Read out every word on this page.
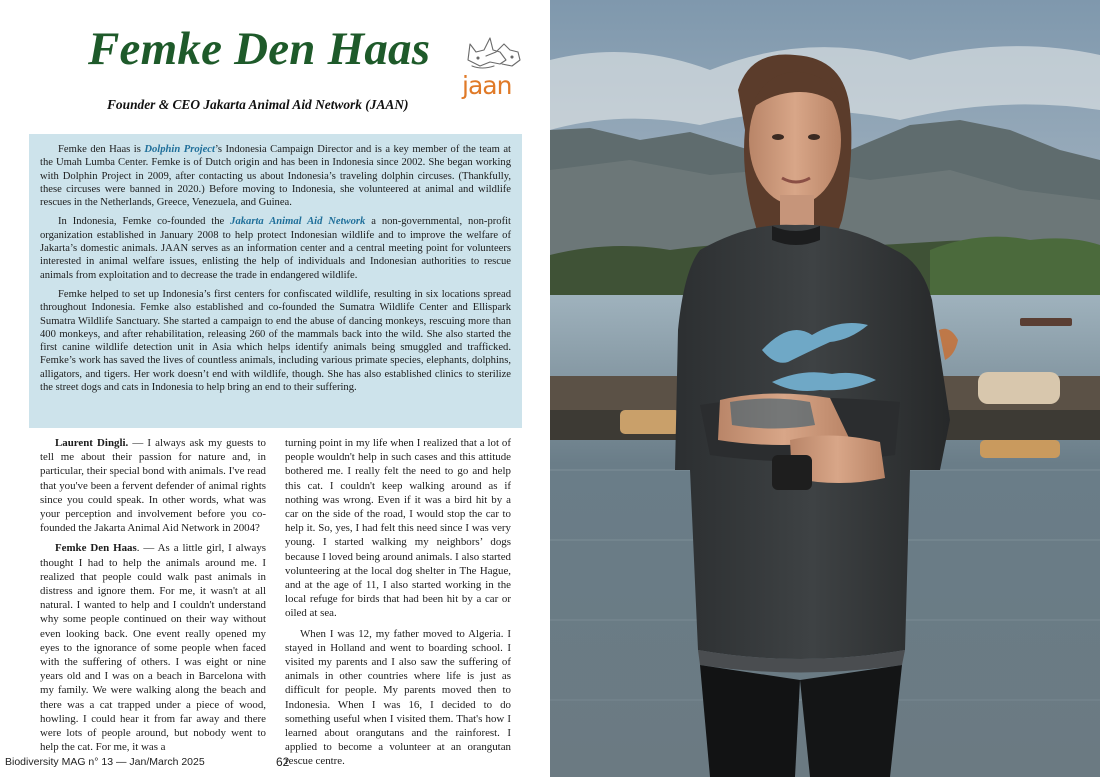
Femke Den Haas
jaan
Founder & CEO Jakarta Animal Aid Network (JAAN)

Femke den Haas is Dolphin Project’s Indonesia Campaign Director and is a key member of the team at the Umah Lumba Center. Femke is of Dutch origin and has been in Indonesia since 2002. She began working with Dolphin Project in 2009, after contacting us about Indonesia’s traveling dolphin circuses. (Thankfully, these circuses were banned in 2020.) Before moving to Indonesia, she volunteered at animal and wildlife rescues in the Netherlands, Greece, Venezuela, and Guinea.

In Indonesia, Femke co-founded the Jakarta Animal Aid Network a non-governmental, non-profit organization established in January 2008 to help protect Indonesian wildlife and to improve the welfare of Jakarta’s domestic animals. JAAN serves as an information center and a central meeting point for volunteers interested in animal welfare issues, enlisting the help of individuals and Indonesian authorities to rescue animals from exploitation and to decrease the trade in endangered wildlife.

Femke helped to set up Indonesia’s first centers for confiscated wildlife, resulting in six locations spread throughout Indonesia. Femke also established and co-founded the Sumatra Wildlife Center and Ellispark Sumatra Wildlife Sanctuary. She started a campaign to end the abuse of dancing monkeys, rescuing more than 400 monkeys, and after rehabilitation, releasing 260 of the mammals back into the wild. She also started the first canine wildlife detection unit in Asia which helps identify animals being smuggled and trafficked. Femke’s work has saved the lives of countless animals, including various primate species, elephants, dolphins, alligators, and tigers. Her work doesn’t end with wildlife, though. She has also established clinics to sterilize the street dogs and cats in Indonesia to help bring an end to their suffering.

Laurent Dingli. — I always ask my guests to tell me about their passion for nature and, in particular, their special bond with animals. I've read that you've been a fervent defender of animal rights since you could speak. In other words, what was your perception and involvement before you co-founded the Jakarta Animal Aid Network in 2004?

Femke Den Haas. — As a little girl, I always thought I had to help the animals around me. I realized that people could walk past animals in distress and ignore them. For me, it wasn't at all natural. I wanted to help and I couldn't understand why some people continued on their way without even looking back. One event really opened my eyes to the ignorance of some people when faced with the suffering of others. I was eight or nine years old and I was on a beach in Barcelona with my family. We were walking along the beach and there was a cat trapped under a piece of wood, howling. I could hear it from far away and there were lots of people around, but nobody went to help the cat. For me, it was a

turning point in my life when I realized that a lot of people wouldn't help in such cases and this attitude bothered me. I really felt the need to go and help this cat. I couldn't keep walking around as if nothing was wrong. Even if it was a bird hit by a car on the side of the road, I would stop the car to help it. So, yes, I had felt this need since I was very young. I started walking my neighbors’ dogs because I loved being around animals. I also started volunteering at the local dog shelter in The Hague, and at the age of 11, I also started working in the local refuge for birds that had been hit by a car or oiled at sea.

When I was 12, my father moved to Algeria. I stayed in Holland and went to boarding school. I visited my parents and I also saw the suffering of animals in other countries where life is just as difficult for people. My parents moved then to Indonesia. When I was 16, I decided to do something useful when I visited them. That's how I learned about orangutans and the rainforest. I applied to become a volunteer at an orangutan rescue centre.

Biodiversity MAG n° 13 — Jan/March 2025	62
